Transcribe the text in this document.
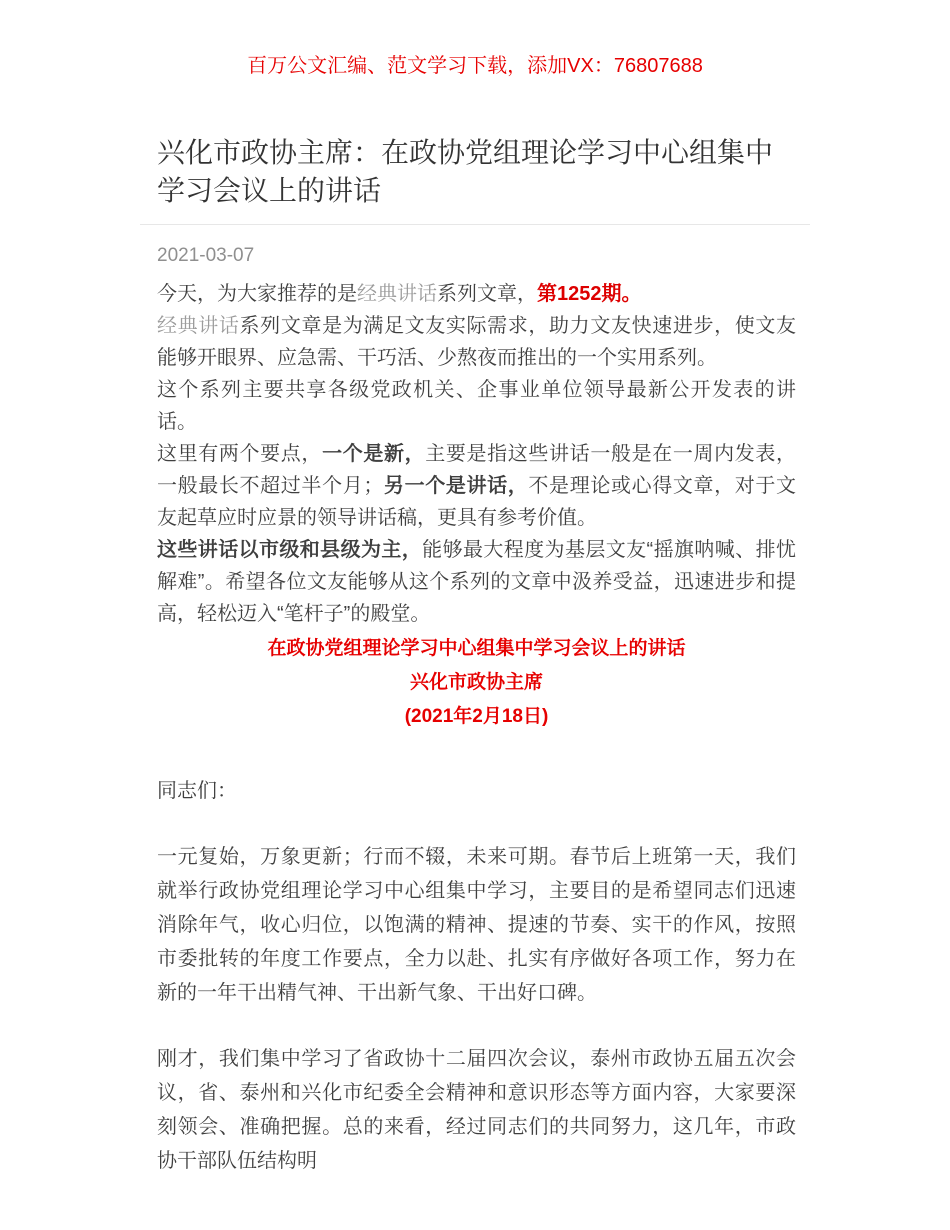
百万公文汇编、范文学习下载，添加VX：76807688
兴化市政协主席：在政协党组理论学习中心组集中学习会议上的讲话
2021-03-07

今天，为大家推荐的是经典讲话系列文章，第1252期。

经典讲话系列文章是为满足文友实际需求，助力文友快速进步，使文友能够开眼界、应急需、干巧活、少熬夜而推出的一个实用系列。

这个系列主要共享各级党政机关、企事业单位领导最新公开发表的讲话。

这里有两个要点，一个是新，主要是指这些讲话一般是在一周内发表，一般最长不超过半个月；另一个是讲话，不是理论或心得文章，对于文友起草应时应景的领导讲话稿，更具有参考价值。

这些讲话以市级和县级为主，能够最大程度为基层文友“摇旗呐喊、排忧解难”。希望各位文友能够从这个系列的文章中汲养受益，迅速进步和提高，轻松迈入“笔杆子”的殿堂。

在政协党组理论学习中心组集中学习会议上的讲话
兴化市政协主席
(2021年2月18日)

同志们：

一元复始，万象更新；行而不辍，未来可期。春节后上班第一天，我们就举行政协党组理论学习中心组集中学习，主要目的是希望同志们迅速消除年气，收心归位，以饱满的精神、提速的节奏、实干的作风，按照市委批转的年度工作要点，全力以赴、扎实有序做好各项工作，努力在新的一年干出精气神、干出新气象、干出好口碑。

刚才，我们集中学习了省政协十二届四次会议，泰州市政协五届五次会议，省、泰州和兴化市纪委全会精神和意识形态等方面内容，大家要深刻领会、准确把握。总的来看，经过同志们的共同努力，这几年，市政协干部队伍结构明
